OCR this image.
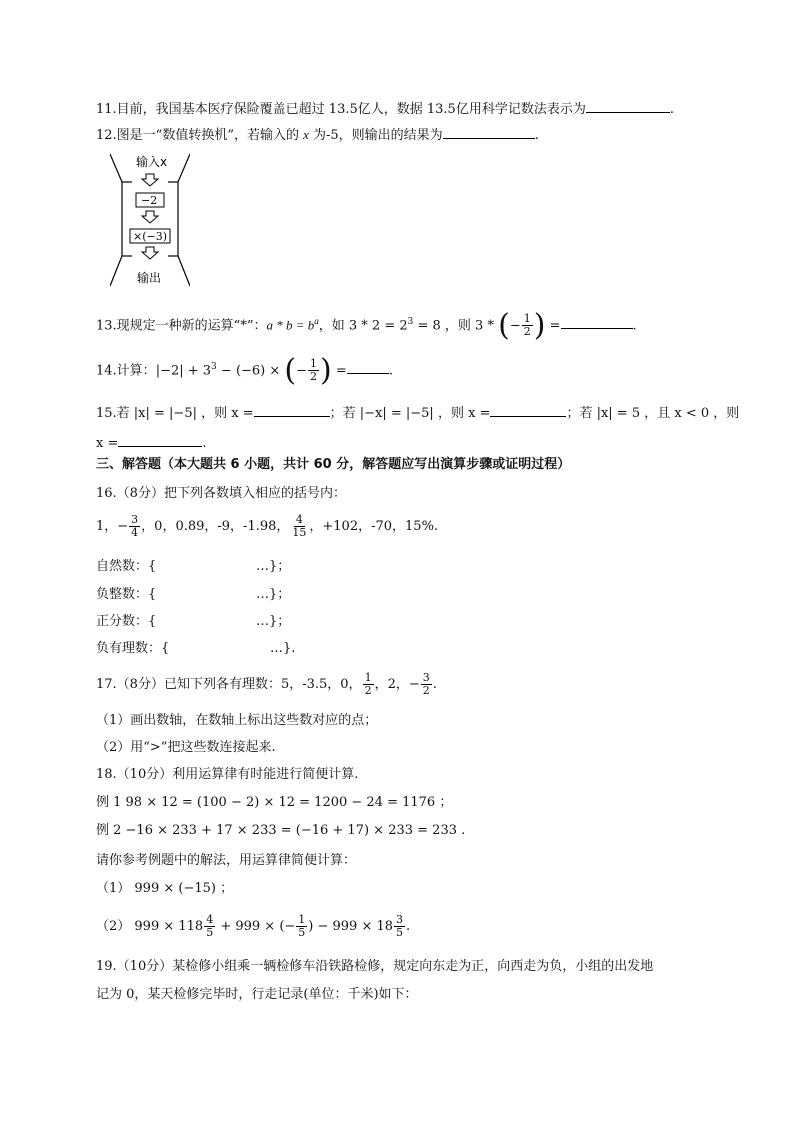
11.目前，我国基本医疗保险覆盖已超过 13.5亿人，数据 13.5亿用科学记数法表示为	.
12.图是一“数值转换机”，若输入的 x 为-5，则输出的结果为	.
输入x
−2
×(−3)
输出
13.现规定一种新的运算“*”：$a * b = b^a$，如 $3 * 2 = 2^3 = 8$ ，则 3 * (− $\frac{1}{2}$ ) =	.
14.计算：$|-2| + 3^3 - (-6)$ × (− $\frac{1}{2}$ ) =	.
15.若 |x| = |−5| ，则 x =	；若 |−x| = |−5| ，则 x =	；若 |x| = 5 ，且 x < 0 ，则
x =	.
三、解答题（本大题共 6 小题，共计 60 分，解答题应写出演算步骤或证明过程）
16.（8分）把下列各数填入相应的括号内：
1，− $\frac{3}{4}$ ，0，0.89，-9，-1.98， $\frac{4}{15}$ ，+102，-70，15%.
自然数：{	…}；
负整数：{	…}；
正分数：{	…}；
负有理数：{	…}.
17.（8分）已知下列各有理数：5，-3.5，0， $\frac{1}{2}$ ，2，− $\frac{3}{2}$ .
（1）画出数轴，在数轴上标出这些数对应的点；
（2）用“>”把这些数连接起来.
18.（10分）利用运算律有时能进行简便计算.
例 1 98 × 12 = (100 − 2) × 12 = 1200 − 24 = 1176 ；
例 2 −16 × 233 + 17 × 233 = (−16 + 17) × 233 = 233 .
请你参考例题中的解法，用运算律简便计算：
（1） 999 × (−15) ；
（2） $999 \times 118 \frac{4}{5} + 999$ × (− $\frac{1}{5}$ ) − $999 \times 18 \frac{3}{5}$ .
19.（10分）某检修小组乘一辆检修车沿铁路检修，规定向东走为正，向西走为负，小组的出发地
记为 0，某天检修完毕时，行走记录(单位：千米)如下：
